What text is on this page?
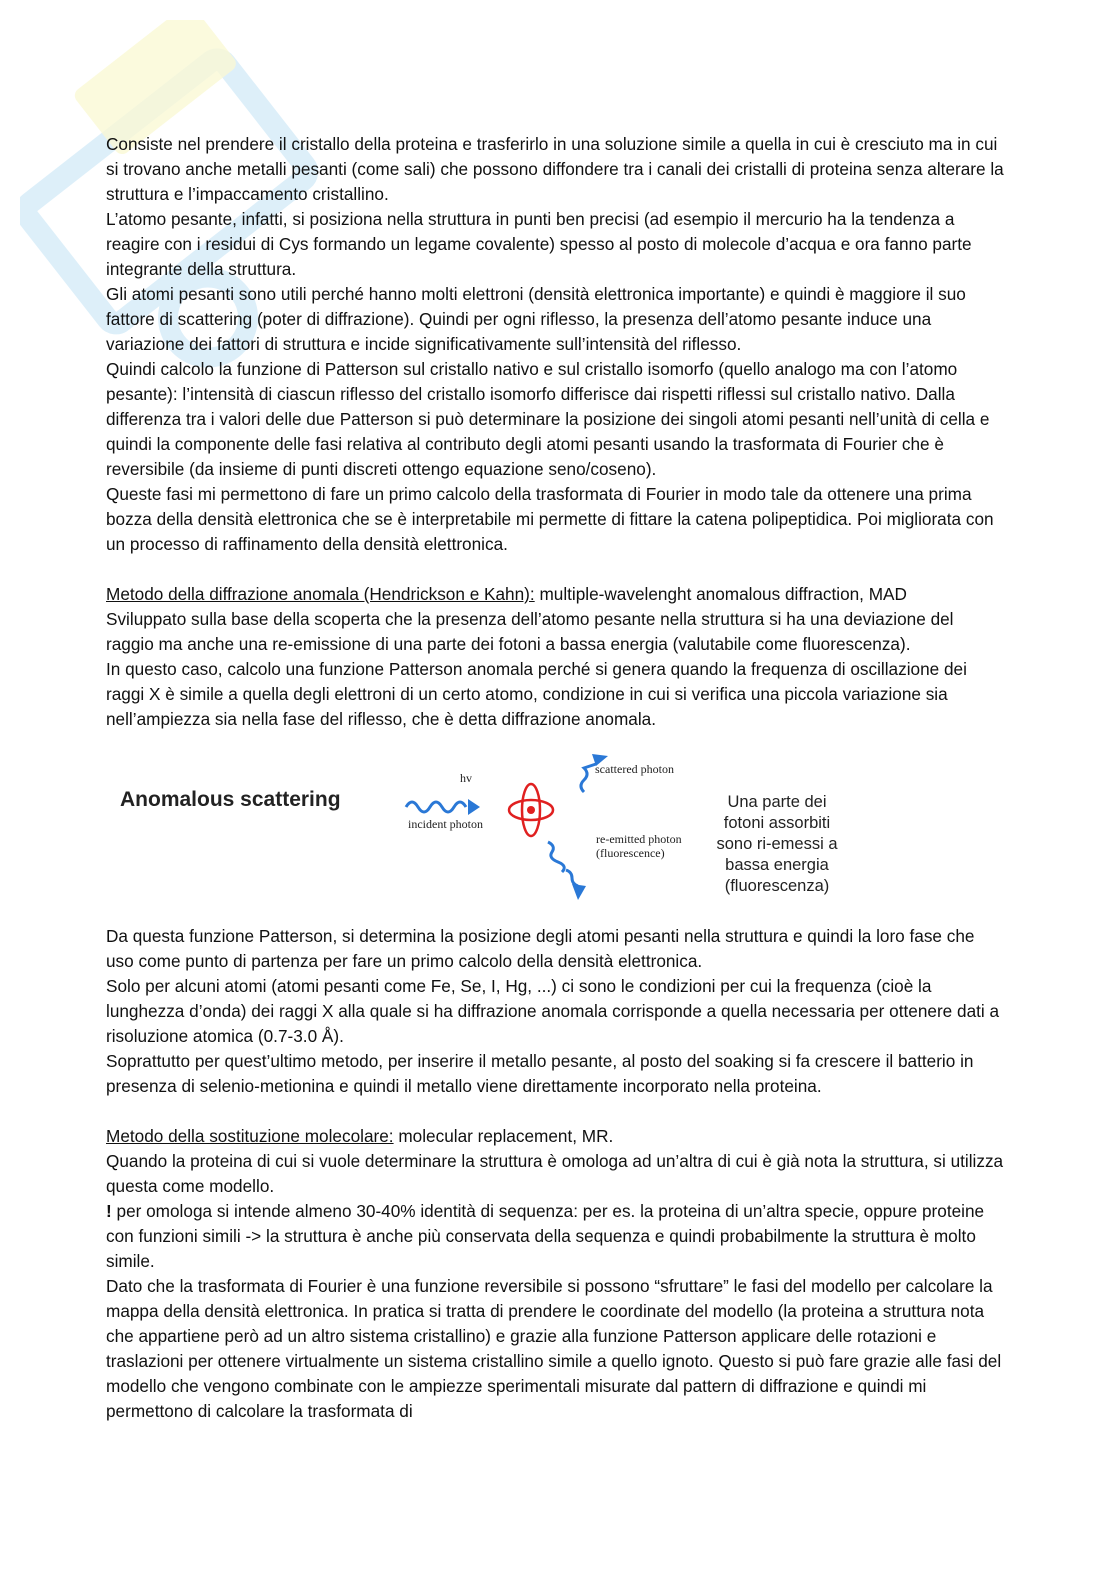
Consiste nel prendere il cristallo della proteina e trasferirlo in una soluzione simile a quella in cui è cresciuto ma in cui si trovano anche metalli pesanti (come sali) che possono diffondere tra i canali dei cristalli di proteina senza alterare la struttura e l’impaccamento cristallino.

L’atomo pesante, infatti, si posiziona nella struttura in punti ben precisi (ad esempio il mercurio ha la tendenza a reagire con i residui di Cys formando un legame covalente) spesso al posto di molecole d’acqua e ora fanno parte integrante della struttura.

Gli atomi pesanti sono utili perché hanno molti elettroni (densità elettronica importante) e quindi è maggiore il suo fattore di scattering (poter di diffrazione). Quindi per ogni riflesso, la presenza dell’atomo pesante induce una variazione dei fattori di struttura e incide significativamente sull’intensità del riflesso.

Quindi calcolo la funzione di Patterson sul cristallo nativo e sul cristallo isomorfo (quello analogo ma con l’atomo pesante): l’intensità di ciascun riflesso del cristallo isomorfo differisce dai rispetti riflessi sul cristallo nativo. Dalla differenza tra i valori delle due Patterson si può determinare la posizione dei singoli atomi pesanti nell’unità di cella e quindi la componente delle fasi relativa al contributo degli atomi pesanti usando la trasformata di Fourier che è reversibile (da insieme di punti discreti ottengo equazione seno/coseno).

Queste fasi mi permettono di fare un primo calcolo della trasformata di Fourier in modo tale da ottenere una prima bozza della densità elettronica che se è interpretabile mi permette di fittare la catena polipeptidica. Poi migliorata con un processo di raffinamento della densità elettronica.

Metodo della diffrazione anomala (Hendrickson e Kahn): multiple-wavelenght anomalous diffraction, MAD

Sviluppato sulla base della scoperta che la presenza dell’atomo pesante nella struttura si ha una deviazione del raggio ma anche una re-emissione di una parte dei fotoni a bassa energia (valutabile come fluorescenza).

In questo caso, calcolo una funzione Patterson anomala perché si genera quando la frequenza di oscillazione dei raggi X è simile a quella degli elettroni di un certo atomo, condizione in cui si verifica una piccola variazione sia nell’ampiezza sia nella fase del riflesso, che è detta diffrazione anomala.

Anomalous scattering
hv
incident photon
scattered photon
re-emitted photon
(fluorescence)
Una parte dei fotoni assorbiti sono ri-emessi a bassa energia (fluorescenza)

Da questa funzione Patterson, si determina la posizione degli atomi pesanti nella struttura e quindi la loro fase che uso come punto di partenza per fare un primo calcolo della densità elettronica.

Solo per alcuni atomi (atomi pesanti come Fe, Se, I, Hg, ...) ci sono le condizioni per cui la frequenza (cioè la lunghezza d’onda) dei raggi X alla quale si ha diffrazione anomala corrisponde a quella necessaria per ottenere dati a risoluzione atomica (0.7-3.0 Å).

Soprattutto per quest’ultimo metodo, per inserire il metallo pesante, al posto del soaking si fa crescere il batterio in presenza di selenio-metionina e quindi il metallo viene direttamente incorporato nella proteina.

Metodo della sostituzione molecolare: molecular replacement, MR.

Quando la proteina di cui si vuole determinare la struttura è omologa ad un’altra di cui è già nota la struttura, si utilizza questa come modello.

! per omologa si intende almeno 30-40% identità di sequenza: per es. la proteina di un’altra specie, oppure proteine con funzioni simili -> la struttura è anche più conservata della sequenza e quindi probabilmente la struttura è molto simile.

Dato che la trasformata di Fourier è una funzione reversibile si possono “sfruttare” le fasi del modello per calcolare la mappa della densità elettronica. In pratica si tratta di prendere le coordinate del modello (la proteina a struttura nota che appartiene però ad un altro sistema cristallino) e grazie alla funzione Patterson applicare delle rotazioni e traslazioni per ottenere virtualmente un sistema cristallino simile a quello ignoto. Questo si può fare grazie alle fasi del modello che vengono combinate con le ampiezze sperimentali misurate dal pattern di diffrazione e quindi mi permettono di calcolare la trasformata di
